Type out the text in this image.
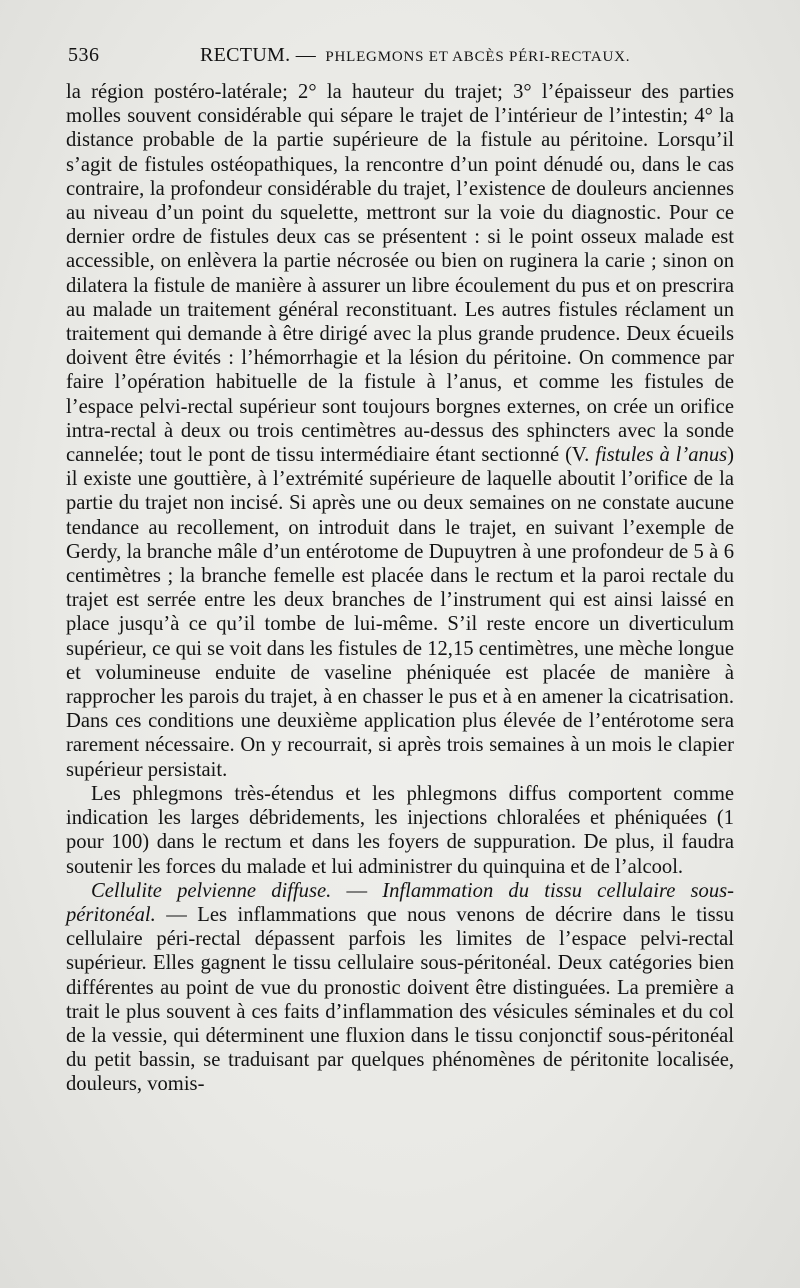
536	RECTUM. — PHLEGMONS ET ABCÈS PÉRI-RECTAUX.

la région postéro-latérale; 2° la hauteur du trajet; 3° l’épaisseur des parties molles souvent considérable qui sépare le trajet de l’intérieur de l’intestin; 4° la distance probable de la partie supérieure de la fistule au péritoine. Lorsqu’il s’agit de fistules ostéopathiques, la rencontre d’un point dénudé ou, dans le cas contraire, la profondeur considérable du trajet, l’existence de douleurs anciennes au niveau d’un point du squelette, mettront sur la voie du diagnostic. Pour ce dernier ordre de fistules deux cas se présentent : si le point osseux malade est accessible, on enlèvera la partie nécrosée ou bien on ruginera la carie ; sinon on dilatera la fistule de manière à assurer un libre écoulement du pus et on prescrira au malade un traitement général reconstituant. Les autres fistules réclament un traitement qui demande à être dirigé avec la plus grande prudence. Deux écueils doivent être évités : l’hémorrhagie et la lésion du péritoine. On commence par faire l’opération habituelle de la fistule à l’anus, et comme les fistules de l’espace pelvi-rectal supérieur sont toujours borgnes externes, on crée un orifice intra-rectal à deux ou trois centimètres au-dessus des sphincters avec la sonde cannelée; tout le pont de tissu intermédiaire étant sectionné (V. fistules à l’anus) il existe une gouttière, à l’extrémité supérieure de laquelle aboutit l’orifice de la partie du trajet non incisé. Si après une ou deux semaines on ne constate aucune tendance au recollement, on introduit dans le trajet, en suivant l’exemple de Gerdy, la branche mâle d’un entérotome de Dupuytren à une profondeur de 5 à 6 centimètres ; la branche femelle est placée dans le rectum et la paroi rectale du trajet est serrée entre les deux branches de l’instrument qui est ainsi laissé en place jusqu’à ce qu’il tombe de lui-même. S’il reste encore un diverticulum supérieur, ce qui se voit dans les fistules de 12,15 centimètres, une mèche longue et volumineuse enduite de vaseline phéniquée est placée de manière à rapprocher les parois du trajet, à en chasser le pus et à en amener la cicatrisation. Dans ces conditions une deuxième application plus élevée de l’entérotome sera rarement nécessaire. On y recourrait, si après trois semaines à un mois le clapier supérieur persistait.

Les phlegmons très-étendus et les phlegmons diffus comportent comme indication les larges débridements, les injections chloralées et phéniquées (1 pour 100) dans le rectum et dans les foyers de suppuration. De plus, il faudra soutenir les forces du malade et lui administrer du quinquina et de l’alcool.

Cellulite pelvienne diffuse. — Inflammation du tissu cellulaire sous-péritonéal. — Les inflammations que nous venons de décrire dans le tissu cellulaire péri-rectal dépassent parfois les limites de l’espace pelvi-rectal supérieur. Elles gagnent le tissu cellulaire sous-péritonéal. Deux catégories bien différentes au point de vue du pronostic doivent être distinguées. La première a trait le plus souvent à ces faits d’inflammation des vésicules séminales et du col de la vessie, qui déterminent une fluxion dans le tissu conjonctif sous-péritonéal du petit bassin, se traduisant par quelques phénomènes de péritonite localisée, douleurs, vomis-
